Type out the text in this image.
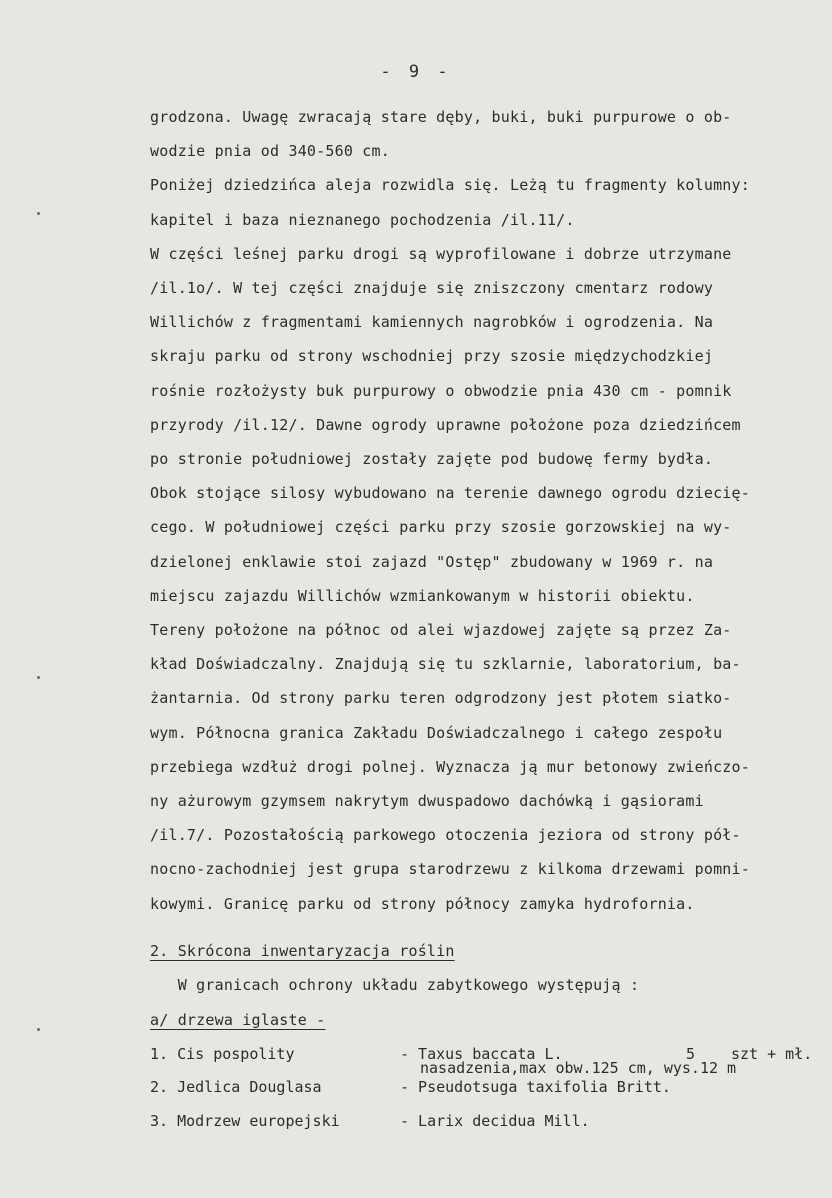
- 9 -
grodzona. Uwagę zwracają stare dęby, buki, buki purpurowe o ob-
wodzie pnia od 340-560 cm.
Poniżej dziedzińca aleja rozwidla się. Leżą tu fragmenty kolumny:
kapitel i baza nieznanego pochodzenia /il.11/.
W części leśnej parku drogi są wyprofilowane i dobrze utrzymane
/il.1o/. W tej części znajduje się zniszczony cmentarz rodowy
Willichów z fragmentami kamiennych nagrobków i ogrodzenia. Na
skraju parku od strony wschodniej przy szosie międzychodzkiej
rośnie rozłożysty buk purpurowy o obwodzie pnia 430 cm - pomnik
przyrody /il.12/. Dawne ogrody uprawne położone poza dziedzińcem
po stronie południowej zostały zajęte pod budowę fermy bydła.
Obok stojące silosy wybudowano na terenie dawnego ogrodu dziecię-
cego. W południowej części parku przy szosie gorzowskiej na wy-
dzielonej enklawie stoi zajazd "Ostęp" zbudowany w 1969 r. na
miejscu zajazdu Willichów wzmiankowanym w historii obiektu.
Tereny położone na północ od alei wjazdowej zajęte są przez Za-
kład Doświadczalny. Znajdują się tu szklarnie, laboratorium, ba-
żantarnia. Od strony parku teren odgrodzony jest płotem siatko-
wym. Północna granica Zakładu Doświadczalnego i całego zespołu
przebiega wzdłuż drogi polnej. Wyznacza ją mur betonowy zwieńczo-
ny ażurowym gzymsem nakrytym dwuspadowo dachówką i gąsiorami
/il.7/. Pozostałością parkowego otoczenia jeziora od strony pół-
nocno-zachodniej jest grupa starodrzewu z kilkoma drzewami pomni-
kowymi. Granicę parku od strony północy zamyka hydrofornia.
2. Skrócona inwentaryzacja roślin
W granicach ochrony układu zabytkowego występują :
a/ drzewa iglaste -
1. Cis pospolity	- Taxus baccata L.	5 szt + mł.
nasadzenia,max obw.125 cm, wys.12 m
2. Jedlica Douglasa	- Pseudotsuga taxifolia Britt.
3. Modrzew europejski	- Larix decidua Mill.
